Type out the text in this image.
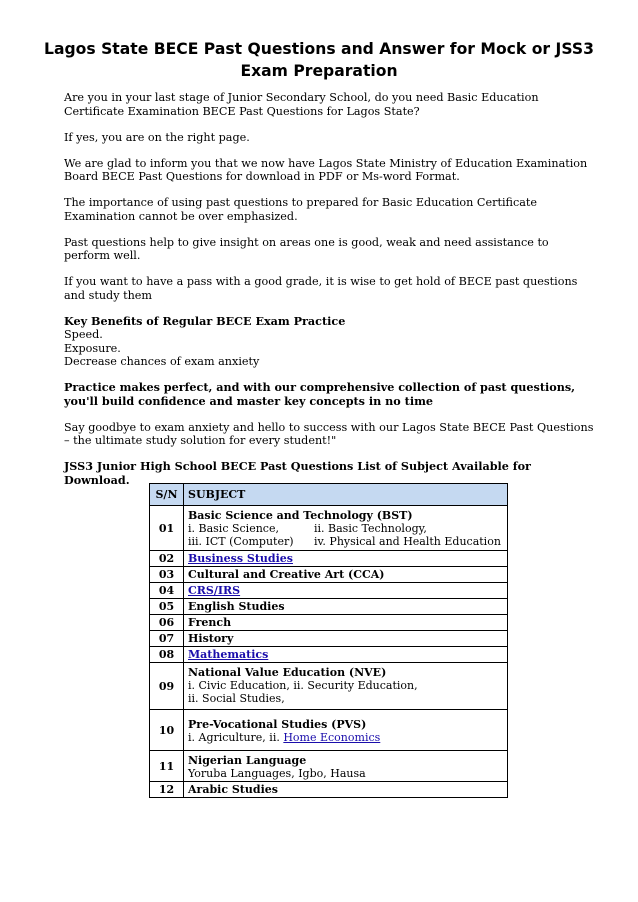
Lagos State BECE Past Questions and Answer for Mock or JSS3 Exam Preparation

Are you in your last stage of Junior Secondary School, do you need Basic Education Certificate Examination BECE Past Questions for Lagos State?

If yes, you are on the right page.

We are glad to inform you that we now have Lagos State Ministry of Education Examination Board BECE Past Questions for download in PDF or Ms-word Format.

The importance of using past questions to prepared for Basic Education Certificate Examination cannot be over emphasized.

Past questions help to give insight on areas one is good, weak and need assistance to perform well.

If you want to have a pass with a good grade, it is wise to get hold of BECE past questions and study them

Key Benefits of Regular BECE Exam Practice

Speed.

Exposure.

Decrease chances of exam anxiety

Practice makes perfect, and with our comprehensive collection of past questions, you'll build confidence and master key concepts in no time

Say goodbye to exam anxiety and hello to success with our Lagos State BECE Past Questions – the ultimate study solution for every student!"

JSS3 Junior High School BECE Past Questions List of Subject Available for Download.

S/N	SUBJECT
01	Basic Science and Technology (BST)
i. Basic Science, ii. Basic Technology,
iii. ICT (Computer) iv. Physical and Health Education

02	Business Studies
03	Cultural and Creative Art (CCA)
04	CRS/IRS
05	English Studies
06	French
07	History
08	Mathematics
09	National Value Education (NVE)
i. Civic Education, ii. Security Education,
ii. Social Studies,

10	Pre-Vocational Studies (PVS)
i. Agriculture, ii. Home Economics

11	Nigerian Language
Yoruba Languages, Igbo, Hausa

12	Arabic Studies
